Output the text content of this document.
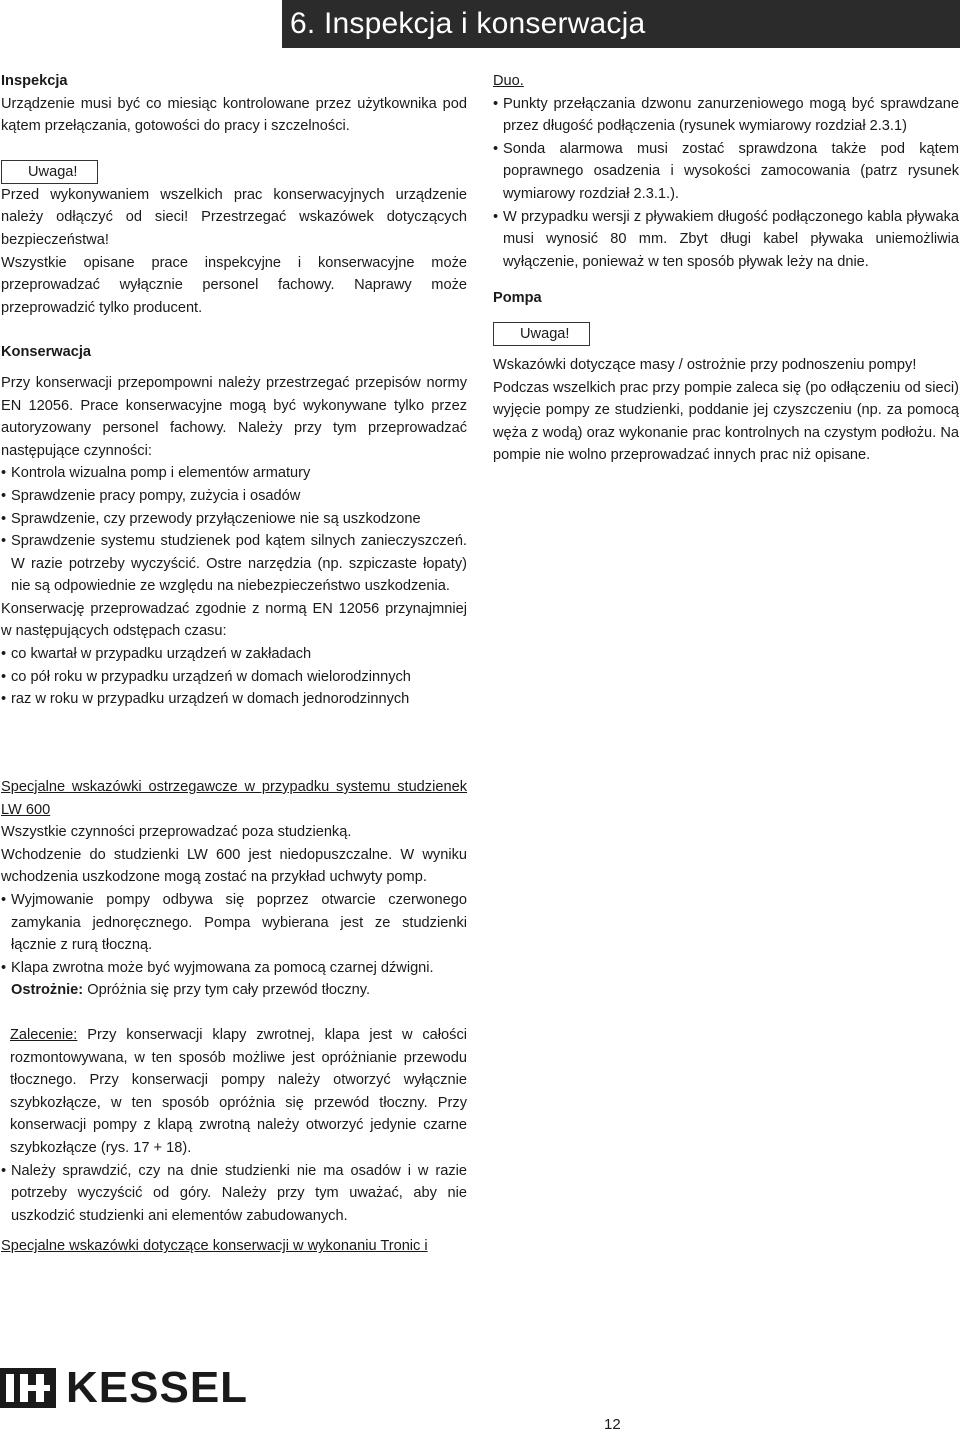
6. Inspekcja i konserwacja

Inspekcja

Urządzenie musi być co miesiąc kontrolowane przez użytkownika pod kątem przełączania, gotowości do pracy i szczelności.

Uwaga!

Przed wykonywaniem wszelkich prac konserwacyjnych urządzenie należy odłączyć od sieci! Przestrzegać wskazówek dotyczących bezpieczeństwa!

Wszystkie opisane prace inspekcyjne i konserwacyjne może przeprowadzać wyłącznie personel fachowy. Naprawy może przeprowadzić tylko producent.

Konserwacja

Przy konserwacji przepompowni należy przestrzegać przepisów normy EN 12056. Prace konserwacyjne mogą być wykonywane tylko przez autoryzowany personel fachowy. Należy przy tym przeprowadzać następujące czynności:

• Kontrola wizualna pomp i elementów armatury
• Sprawdzenie pracy pompy, zużycia i osadów
• Sprawdzenie, czy przewody przyłączeniowe nie są uszkodzone
• Sprawdzenie systemu studzienek pod kątem silnych zanieczyszczeń. W razie potrzeby wyczyścić. Ostre narzędzia (np. szpiczaste łopaty) nie są odpowiednie ze względu na niebezpieczeństwo uszkodzenia.

Konserwację przeprowadzać zgodnie z normą EN 12056 przynajmniej w następujących odstępach czasu:

• co kwartał w przypadku urządzeń w zakładach
• co pół roku w przypadku urządzeń w domach wielorodzinnych
• raz w roku w przypadku urządzeń w domach jednorodzinnych

Specjalne wskazówki ostrzegawcze w przypadku systemu studzienek LW 600

Wszystkie czynności przeprowadzać poza studzienką.

Wchodzenie do studzienki LW 600 jest niedopuszczalne. W wyniku wchodzenia uszkodzone mogą zostać na przykład uchwyty pomp.

• Wyjmowanie pompy odbywa się poprzez otwarcie czerwonego zamykania jednoręcznego. Pompa wybierana jest ze studzienki łącznie z rurą tłoczną.
• Klapa zwrotna może być wyjmowana za pomocą czarnej dźwigni.
Ostrożnie: Opróżnia się przy tym cały przewód tłoczny.

Zalecenie: Przy konserwacji klapy zwrotnej, klapa jest w całości rozmontowywana, w ten sposób możliwe jest opróżnianie przewodu tłocznego. Przy konserwacji pompy należy otworzyć wyłącznie szybkozłącze, w ten sposób opróżnia się przewód tłoczny. Przy konserwacji pompy z klapą zwrotną należy otworzyć jedynie czarne szybkozłącze (rys. 17 + 18).

• Należy sprawdzić, czy na dnie studzienki nie ma osadów i w razie potrzeby wyczyścić od góry. Należy przy tym uważać, aby nie uszkodzić studzienki ani elementów zabudowanych.

Specjalne wskazówki dotyczące konserwacji w wykonaniu Tronic i

Duo.

• Punkty przełączania dzwonu zanurzeniowego mogą być sprawdzane przez długość podłączenia (rysunek wymiarowy rozdział 2.3.1)
• Sonda alarmowa musi zostać sprawdzona także pod kątem poprawnego osadzenia i wysokości zamocowania (patrz rysunek wymiarowy rozdział 2.3.1.).
• W przypadku wersji z pływakiem długość podłączonego kabla pływaka musi wynosić 80 mm. Zbyt długi kabel pływaka uniemożliwia wyłączenie, ponieważ w ten sposób pływak leży na dnie.

Pompa

Uwaga!

Wskazówki dotyczące masy / ostrożnie przy podnoszeniu pompy!

Podczas wszelkich prac przy pompie zaleca się (po odłączeniu od sieci) wyjęcie pompy ze studzienki, poddanie jej czyszczeniu (np. za pomocą węża z wodą) oraz wykonanie prac kontrolnych na czystym podłożu. Na pompie nie wolno przeprowadzać innych prac niż opisane.

KESSEL
12
